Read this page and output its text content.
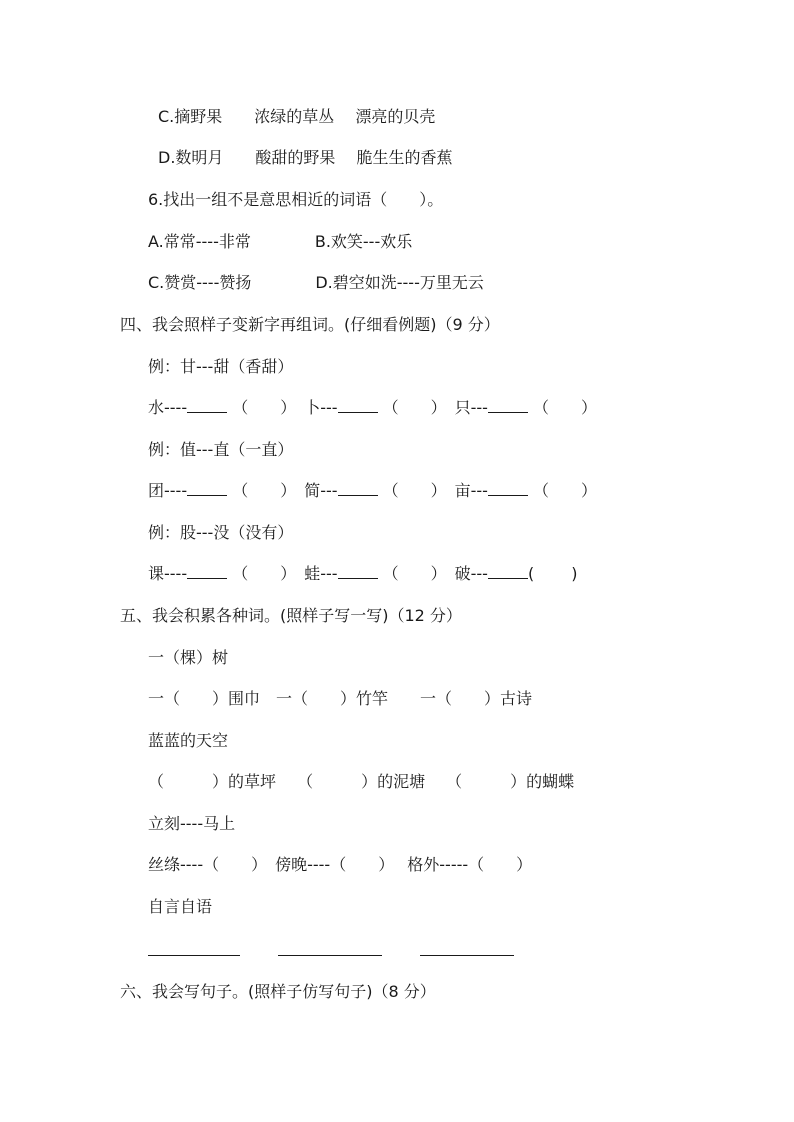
C.摘野果　　浓绿的草丛　 漂亮的贝壳
D.数明月　　酸甜的野果　 脆生生的香蕉
6.找出一组不是意思相近的词语（　　）。
A.常常----非常　　　　B.欢笑---欢乐
C.赞赏----赞扬　　　　D.碧空如洗----万里无云
四、我会照样子变新字再组词。(仔细看例题)（9 分）
例：甘---甜（香甜）
水----	（　　）　卜---	（　　）　只---	（　　）
例：值---直（一直）
团----	（　　）　简---	（　　）　亩---	（　　）
例：股---没（没有）
课----	（　　）　蛙---	（　　）　破---	(　　 )
五、我会积累各种词。(照样子写一写)（12 分）
一（棵）树
一（　　）围巾　一（　　）竹竿　　一（　　）古诗
蓝蓝的天空
（　　　）的草坪　 （　　　）的泥塘　 （　　　）的蝴蝶
立刻----马上
丝绦----（　　）　傍晚----（　　）　 格外-----（　　）
自言自语
六、我会写句子。(照样子仿写句子)（8 分）
